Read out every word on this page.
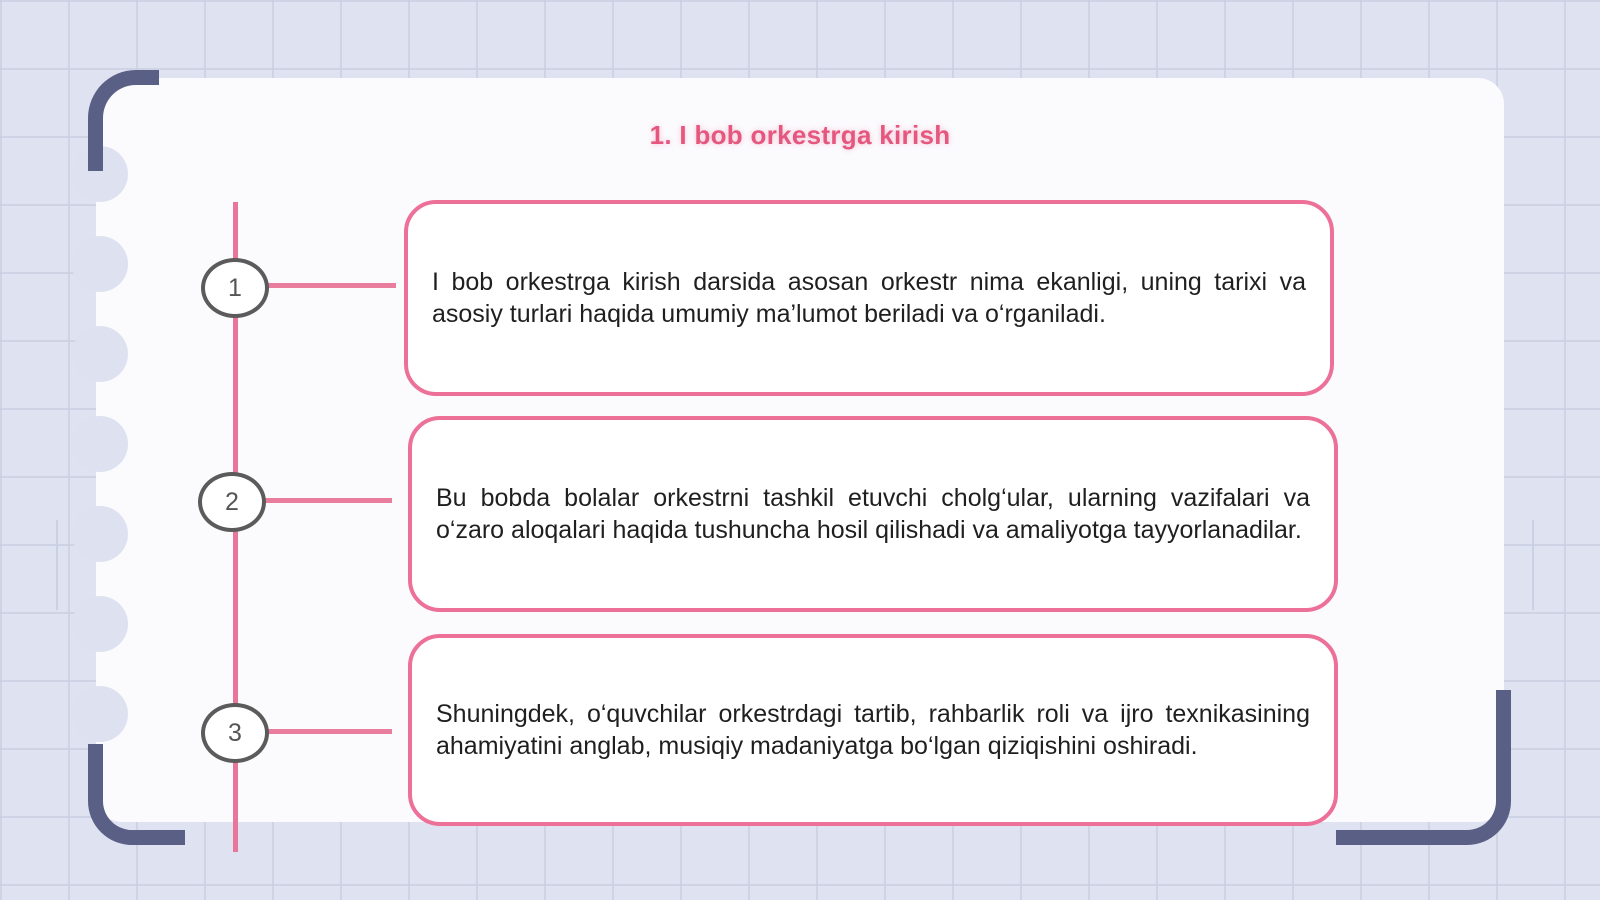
1. I bob orkestrga kirish
1	I bob orkestrga kirish darsida asosan orkestr nima ekanligi, uning tarixi va asosiy turlari haqida umumiy ma’lumot beriladi va o‘rganiladi.
2	Bu bobda bolalar orkestrni tashkil etuvchi cholg‘ular, ularning vazifalari va o‘zaro aloqalari haqida tushuncha hosil qilishadi va amaliyotga tayyorlanadilar.
3
Shuningdek, o‘quvchilar orkestrdagi tartib, rahbarlik roli va ijro texnikasining ahamiyatini anglab, musiqiy madaniyatga bo‘lgan qiziqishini oshiradi.
